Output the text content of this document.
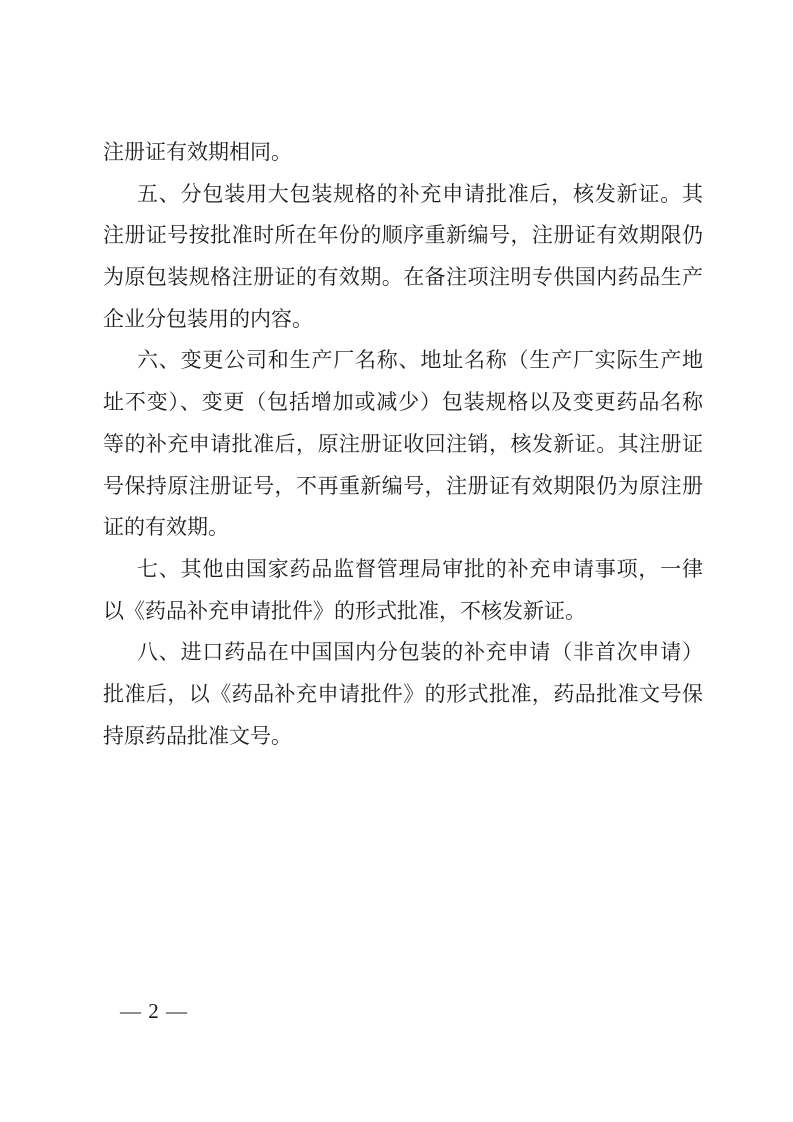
注册证有效期相同。
五、分包装用大包装规格的补充申请批准后，核发新证。其
注册证号按批准时所在年份的顺序重新编号，注册证有效期限仍
为原包装规格注册证的有效期。在备注项注明专供国内药品生产
企业分包装用的内容。
六、变更公司和生产厂名称、地址名称（生产厂实际生产地
址不变）、变更（包括增加或减少）包装规格以及变更药品名称
等的补充申请批准后，原注册证收回注销，核发新证。其注册证
号保持原注册证号，不再重新编号，注册证有效期限仍为原注册
证的有效期。
七、其他由国家药品监督管理局审批的补充申请事项，一律
以《药品补充申请批件》的形式批准，不核发新证。
八、进口药品在中国国内分包装的补充申请（非首次申请）
批准后，以《药品补充申请批件》的形式批准，药品批准文号保
持原药品批准文号。
— 2 —
